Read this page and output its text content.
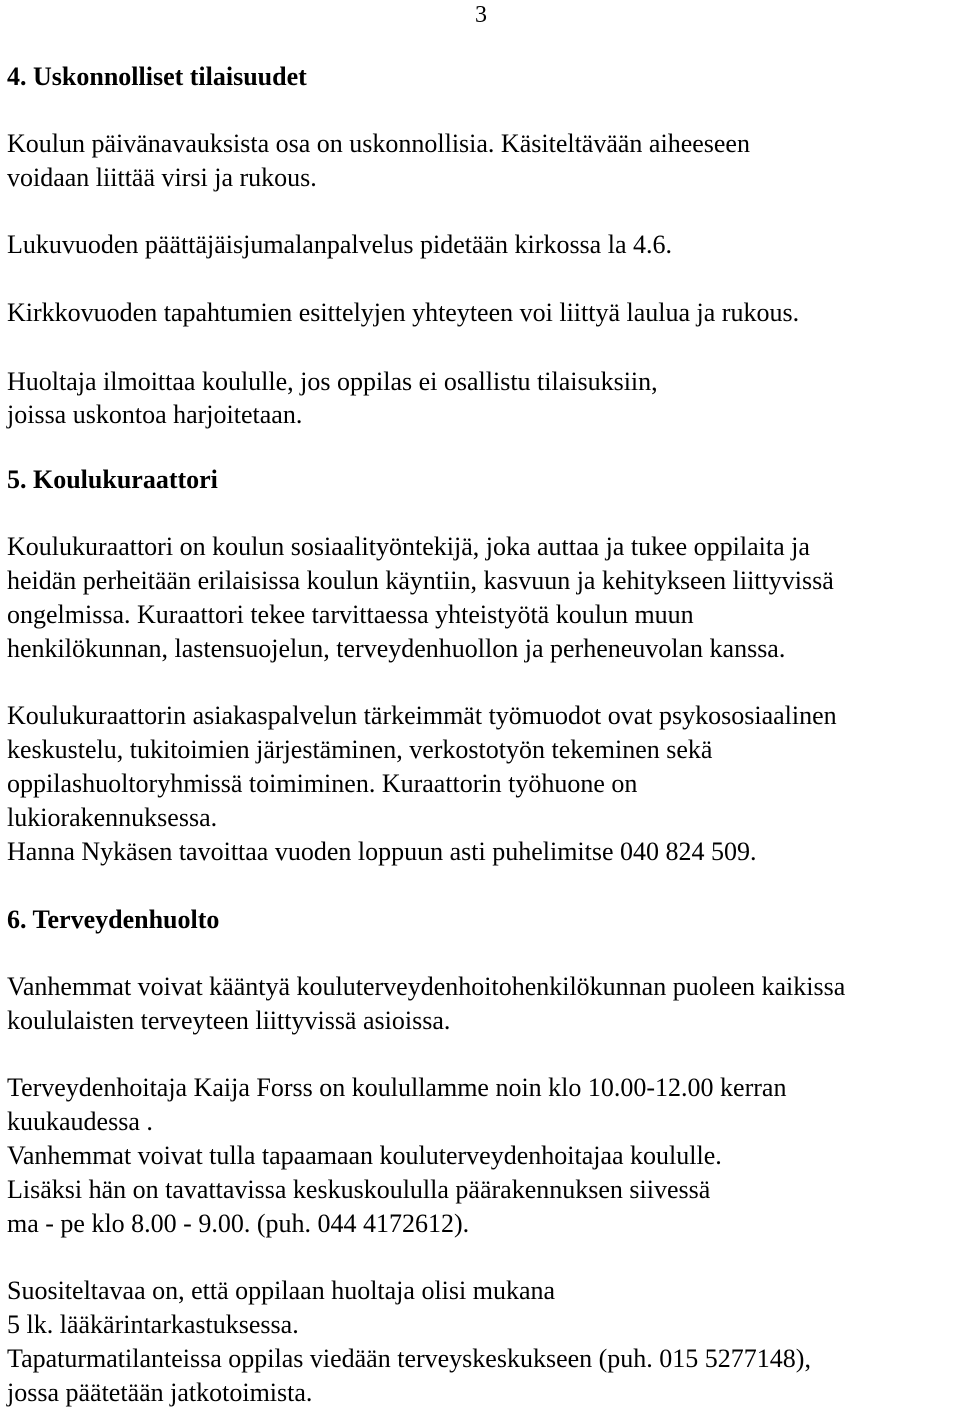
3
4. Uskonnolliset tilaisuudet
Koulun päivänavauksista osa on uskonnollisia. Käsiteltävään aiheeseen
voidaan liittää virsi ja rukous.
Lukuvuoden päättäjäisjumalanpalvelus pidetään kirkossa la 4.6.
Kirkkovuoden tapahtumien esittelyjen yhteyteen voi liittyä laulua ja rukous.
Huoltaja ilmoittaa koululle, jos oppilas ei osallistu tilaisuksiin,
joissa uskontoa harjoitetaan.
5. Koulukuraattori
Koulukuraattori on koulun sosiaalityöntekijä, joka auttaa ja tukee oppilaita ja
heidän perheitään erilaisissa koulun käyntiin, kasvuun ja kehitykseen liittyvissä
ongelmissa. Kuraattori tekee tarvittaessa yhteistyötä koulun muun
henkilökunnan, lastensuojelun, terveydenhuollon ja perheneuvolan kanssa.
Koulukuraattorin asiakaspalvelun tärkeimmät työmuodot ovat psykososiaalinen
keskustelu, tukitoimien järjestäminen, verkostotyön tekeminen sekä
oppilashuoltoryhmissä toimiminen. Kuraattorin työhuone on
lukiorakennuksessa.
Hanna Nykäsen tavoittaa vuoden loppuun asti puhelimitse 040 824 509.
6. Terveydenhuolto
Vanhemmat voivat kääntyä kouluterveydenhoitohenkilökunnan puoleen kaikissa
koululaisten terveyteen liittyvissä asioissa.
Terveydenhoitaja Kaija Forss on koulullamme noin klo 10.00-12.00 kerran
kuukaudessa .
Vanhemmat voivat tulla tapaamaan kouluterveydenhoitajaa koululle.
Lisäksi hän on tavattavissa keskuskoululla päärakennuksen siivessä
ma - pe klo 8.00 - 9.00. (puh. 044 4172612).
Suositeltavaa on, että oppilaan huoltaja olisi mukana
5 lk. lääkärintarkastuksessa.
Tapaturmatilanteissa oppilas viedään terveyskeskukseen (puh. 015 5277148),
jossa päätetään jatkotoimista.
